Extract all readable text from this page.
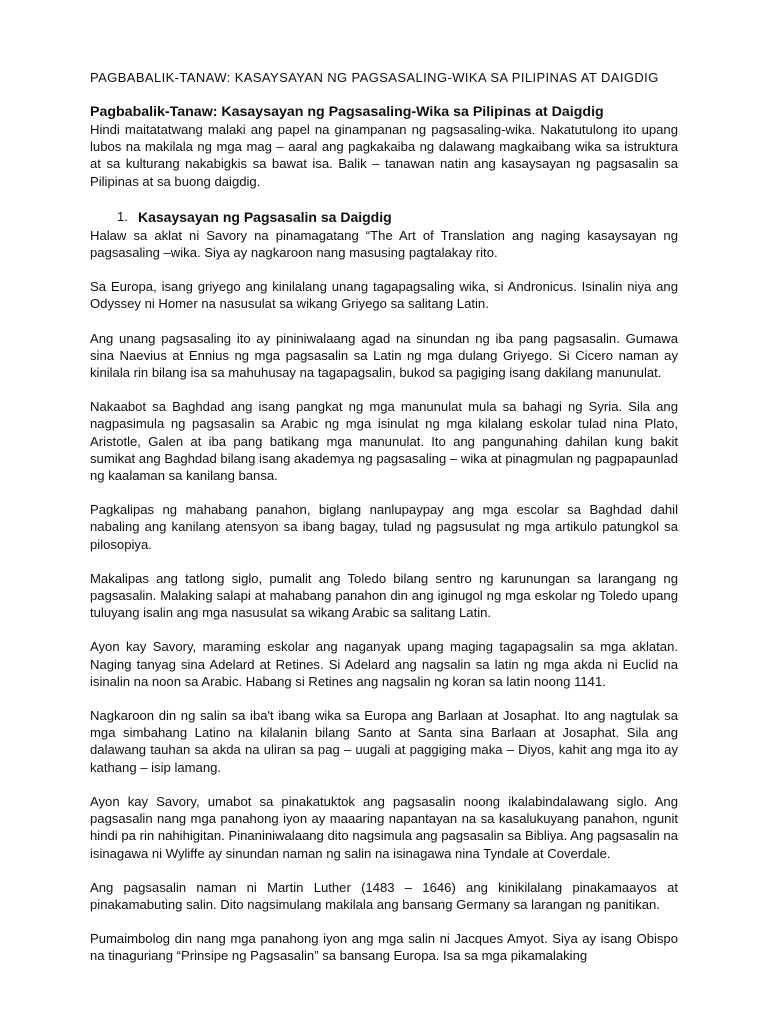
PAGBABALIK-TANAW: KASAYSAYAN NG PAGSASALING-WIKA SA PILIPINAS AT DAIGDIG
Pagbabalik-Tanaw: Kasaysayan ng Pagsasaling-Wika sa Pilipinas at Daigdig

Hindi maitatatwang malaki ang papel na ginampanan ng pagsasaling-wika. Nakatutulong ito upang lubos na makilala ng mga mag – aaral ang pagkakaiba ng dalawang magkaibang wika sa istruktura at sa kulturang nakabigkis sa bawat isa. Balik – tanawan natin ang kasaysayan ng pagsasalin sa Pilipinas at sa buong daigdig.

1. Kasaysayan ng Pagsasalin sa Daigdig

Halaw sa aklat ni Savory na pinamagatang “The Art of Translation ang naging kasaysayan ng pagsasaling –wika. Siya ay nagkaroon nang masusing pagtalakay rito.

Sa Europa, isang griyego ang kinilalang unang tagapagsaling wika, si Andronicus. Isinalin niya ang Odyssey ni Homer na nasusulat sa wikang Griyego sa salitang Latin.

Ang unang pagsasaling ito ay pininiwalaang agad na sinundan ng iba pang pagsasalin. Gumawa sina Naevius at Ennius ng mga pagsasalin sa Latin ng mga dulang Griyego. Si Cicero naman ay kinilala rin bilang isa sa mahuhusay na tagapagsalin, bukod sa pagiging isang dakilang manunulat.

Nakaabot sa Baghdad ang isang pangkat ng mga manunulat mula sa bahagi ng Syria. Sila ang nagpasimula ng pagsasalin sa Arabic ng mga isinulat ng mga kilalang eskolar tulad nina Plato, Aristotle, Galen at iba pang batikang mga manunulat. Ito ang pangunahing dahilan kung bakit sumikat ang Baghdad bilang isang akademya ng pagsasaling – wika at pinagmulan ng pagpapaunlad ng kaalaman sa kanilang bansa.

Pagkalipas ng mahabang panahon, biglang nanlupaypay ang mga escolar sa Baghdad dahil nabaling ang kanilang atensyon sa ibang bagay, tulad ng pagsusulat ng mga artikulo patungkol sa pilosopiya.

Makalipas ang tatlong siglo, pumalit ang Toledo bilang sentro ng karunungan sa larangang ng pagsasalin. Malaking salapi at mahabang panahon din ang iginugol ng mga eskolar ng Toledo upang tuluyang isalin ang mga nasusulat sa wikang Arabic sa salitang Latin.

Ayon kay Savory, maraming eskolar ang naganyak upang maging tagapagsalin sa mga aklatan. Naging tanyag sina Adelard at Retines. Si Adelard ang nagsalin sa latin ng mga akda ni Euclid na isinalin na noon sa Arabic. Habang si Retines ang nagsalin ng koran sa latin noong 1141.

Nagkaroon din ng salin sa iba't ibang wika sa Europa ang Barlaan at Josaphat. Ito ang nagtulak sa mga simbahang Latino na kilalanin bilang Santo at Santa sina Barlaan at Josaphat. Sila ang dalawang tauhan sa akda na uliran sa pag – uugali at paggiging maka – Diyos, kahit ang mga ito ay kathang – isip lamang.

Ayon kay Savory, umabot sa pinakatuktok ang pagsasalin noong ikalabindalawang siglo. Ang pagsasalin nang mga panahong iyon ay maaaring napantayan na sa kasalukuyang panahon, ngunit hindi pa rin nahihigitan. Pinaniniwalaang dito nagsimula ang pagsasalin sa Bibliya. Ang pagsasalin na isinagawa ni Wyliffe ay sinundan naman ng salin na isinagawa nina Tyndale at Coverdale.

Ang pagsasalin naman ni Martin Luther (1483 – 1646) ang kinikilalang pinakamaayos at pinakamabuting salin. Dito nagsimulang makilala ang bansang Germany sa larangan ng panitikan.

Pumaimbolog din nang mga panahong iyon ang mga salin ni Jacques Amyot. Siya ay isang Obispo na tinaguriang “Prinsipe ng Pagsasalin” sa bansang Europa. Isa sa mga pikamalaking
